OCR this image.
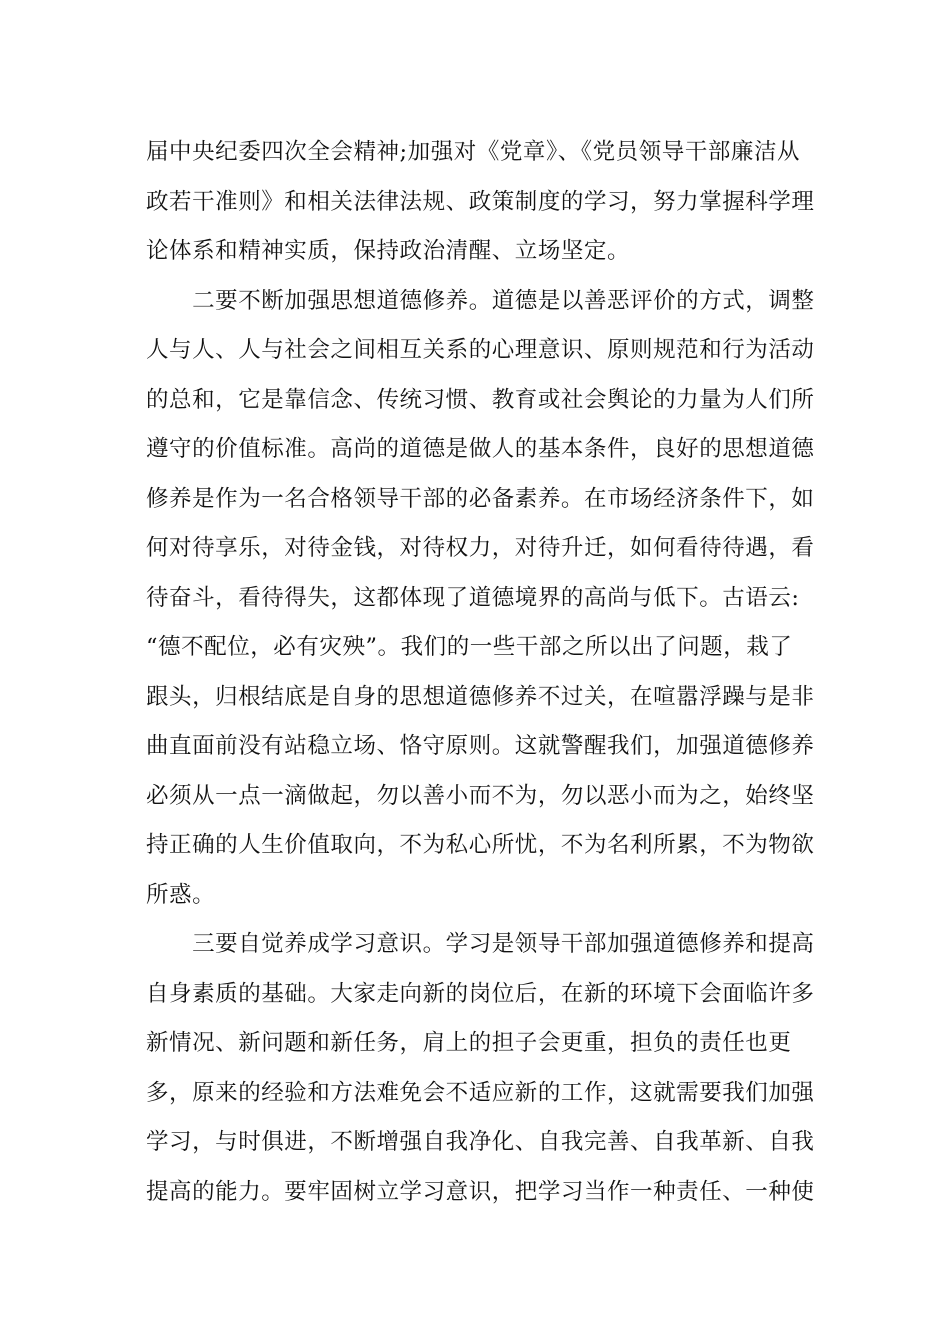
届中央纪委四次全会精神;加强对《党章》、《党员领导干部廉洁从
政若干准则》和相关法律法规、政策制度的学习，努力掌握科学理
论体系和精神实质，保持政治清醒、立场坚定。
　　二要不断加强思想道德修养。道德是以善恶评价的方式，调整
人与人、人与社会之间相互关系的心理意识、原则规范和行为活动
的总和，它是靠信念、传统习惯、教育或社会舆论的力量为人们所
遵守的价值标准。高尚的道德是做人的基本条件，良好的思想道德
修养是作为一名合格领导干部的必备素养。在市场经济条件下，如
何对待享乐，对待金钱，对待权力，对待升迁，如何看待待遇，看
待奋斗，看待得失，这都体现了道德境界的高尚与低下。古语云:
“德不配位，必有灾殃”。我们的一些干部之所以出了问题，栽了
跟头，归根结底是自身的思想道德修养不过关，在喧嚣浮躁与是非
曲直面前没有站稳立场、恪守原则。这就警醒我们，加强道德修养
必须从一点一滴做起，勿以善小而不为，勿以恶小而为之，始终坚
持正确的人生价值取向，不为私心所忧，不为名利所累，不为物欲
所惑。
　　三要自觉养成学习意识。学习是领导干部加强道德修养和提高
自身素质的基础。大家走向新的岗位后，在新的环境下会面临许多
新情况、新问题和新任务，肩上的担子会更重，担负的责任也更
多，原来的经验和方法难免会不适应新的工作，这就需要我们加强
学习，与时俱进，不断增强自我净化、自我完善、自我革新、自我
提高的能力。要牢固树立学习意识，把学习当作一种责任、一种使
